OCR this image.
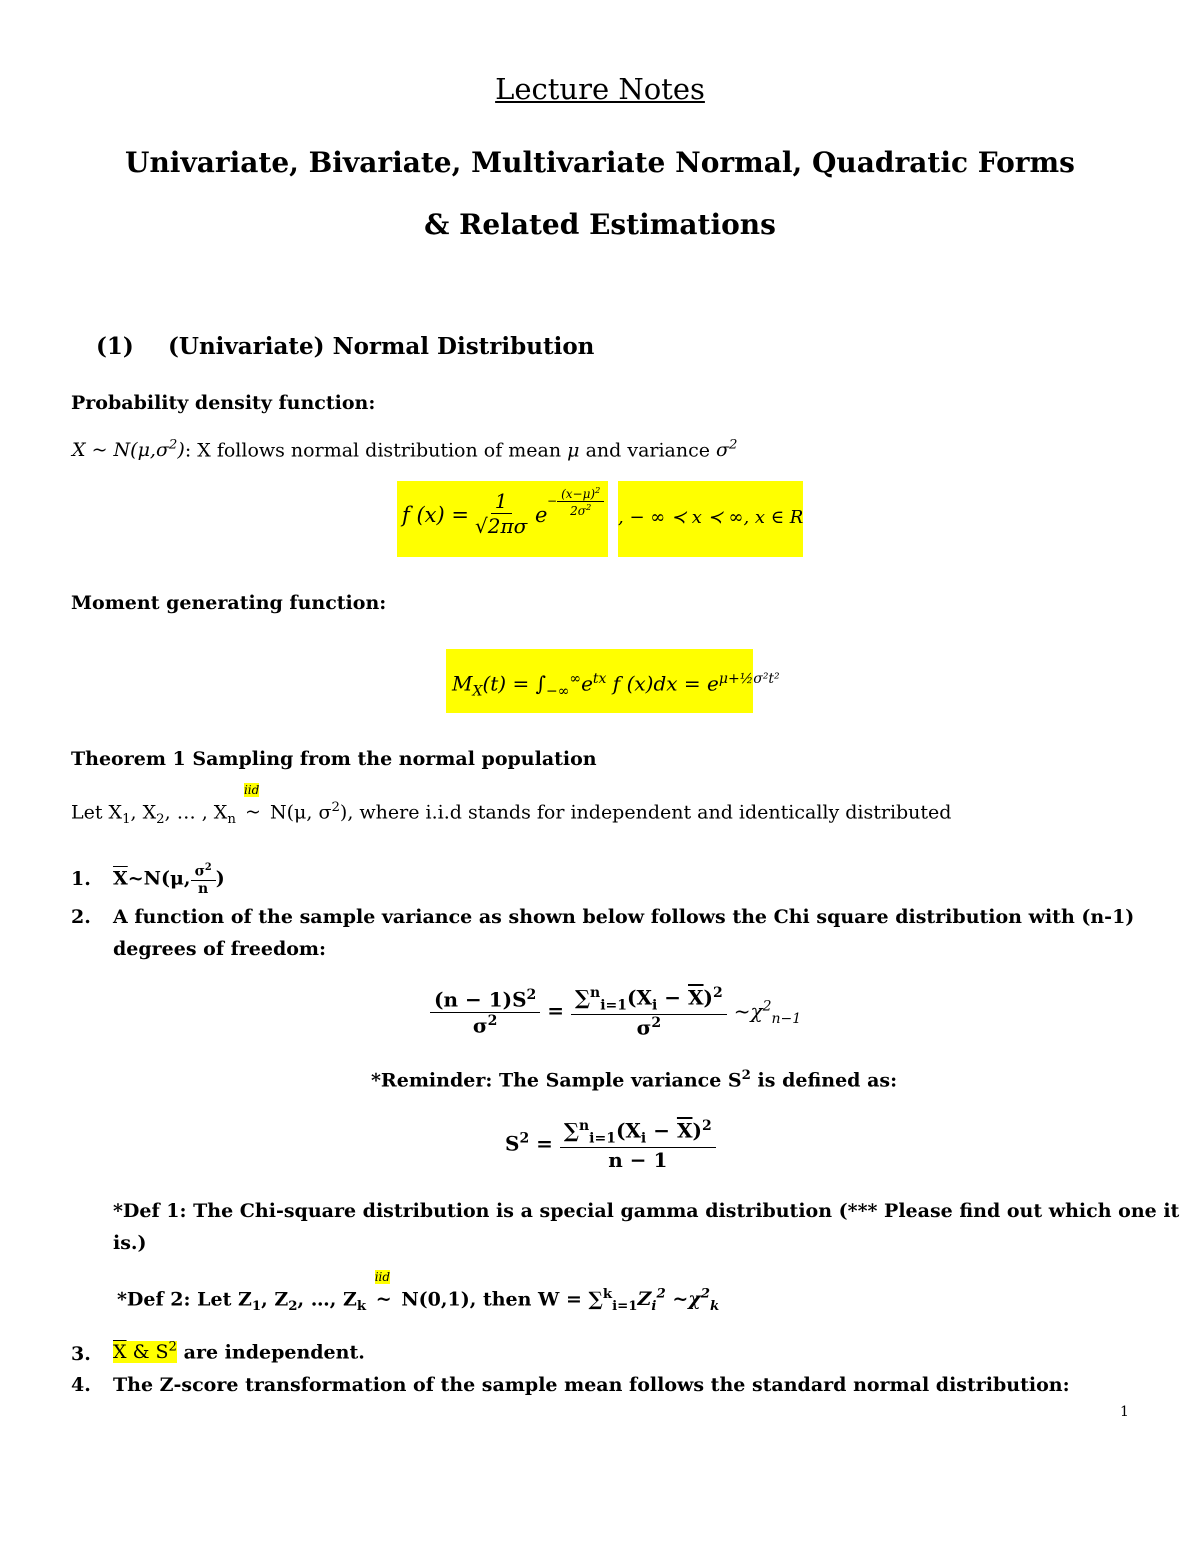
Lecture Notes
Univariate, Bivariate, Multivariate Normal, Quadratic Forms
& Related Estimations
(1) (Univariate) Normal Distribution
Probability density function:
X ~ $N(\mu,\sigma^2)$: X follows normal distribution of mean μ and variance $\sigma^2$
f $(x) = \frac{1}{√2\pi\sigma}$ e
− $\frac{(x-\mu)^2}{2\sigma^2}$ , − ∞ ≺ x ≺ ∞, x ∈ R
Moment generating function:
$M_X(t) = \int_{-\infty}^\infty e^{tx}$ f $(x)dx = e^{\mu+\frac{1}{2}\sigma^2t^2}$
Theorem 1 Sampling from the normal population
Let $X_1$, $X_2$, … , $X_n$
iid
~ N(μ, $\sigma^2$), where i.i.d stands for independent and identically distributed
1. $\overline{X}\sim N(\mu$, $\frac{\sigma^2}{n}$ )
2. A function of the sample variance as shown below follows the Chi square distribution with (n-1)
degrees of freedom:
$\frac{(n - 1)S^2}{\sigma^2} = \frac{\sum^n_{i=1}(X_i - \overline{X})^2}{\sigma^2}$ $\sim\chi^2_{n-1}$
*Reminder: The Sample variance $S^2$ is defined as:
$S^2 = \frac{\sum^n_{i=1}(X_i - \overline{X})^2}{n - 1}$
*Def 1: The Chi-square distribution is a special gamma distribution (*** Please find out which one it
is.)
*Def 2: Let $Z_1$, $Z_2$, …, $Z_k$
iid
~ N(0,1), then $W = \sum^k_{i=1}Z_i^2$ $\sim\chi^2_k$
3. $\overline{X}$ & $S^2$ are independent.
4. The Z-score transformation of the sample mean follows the standard normal distribution:
1
